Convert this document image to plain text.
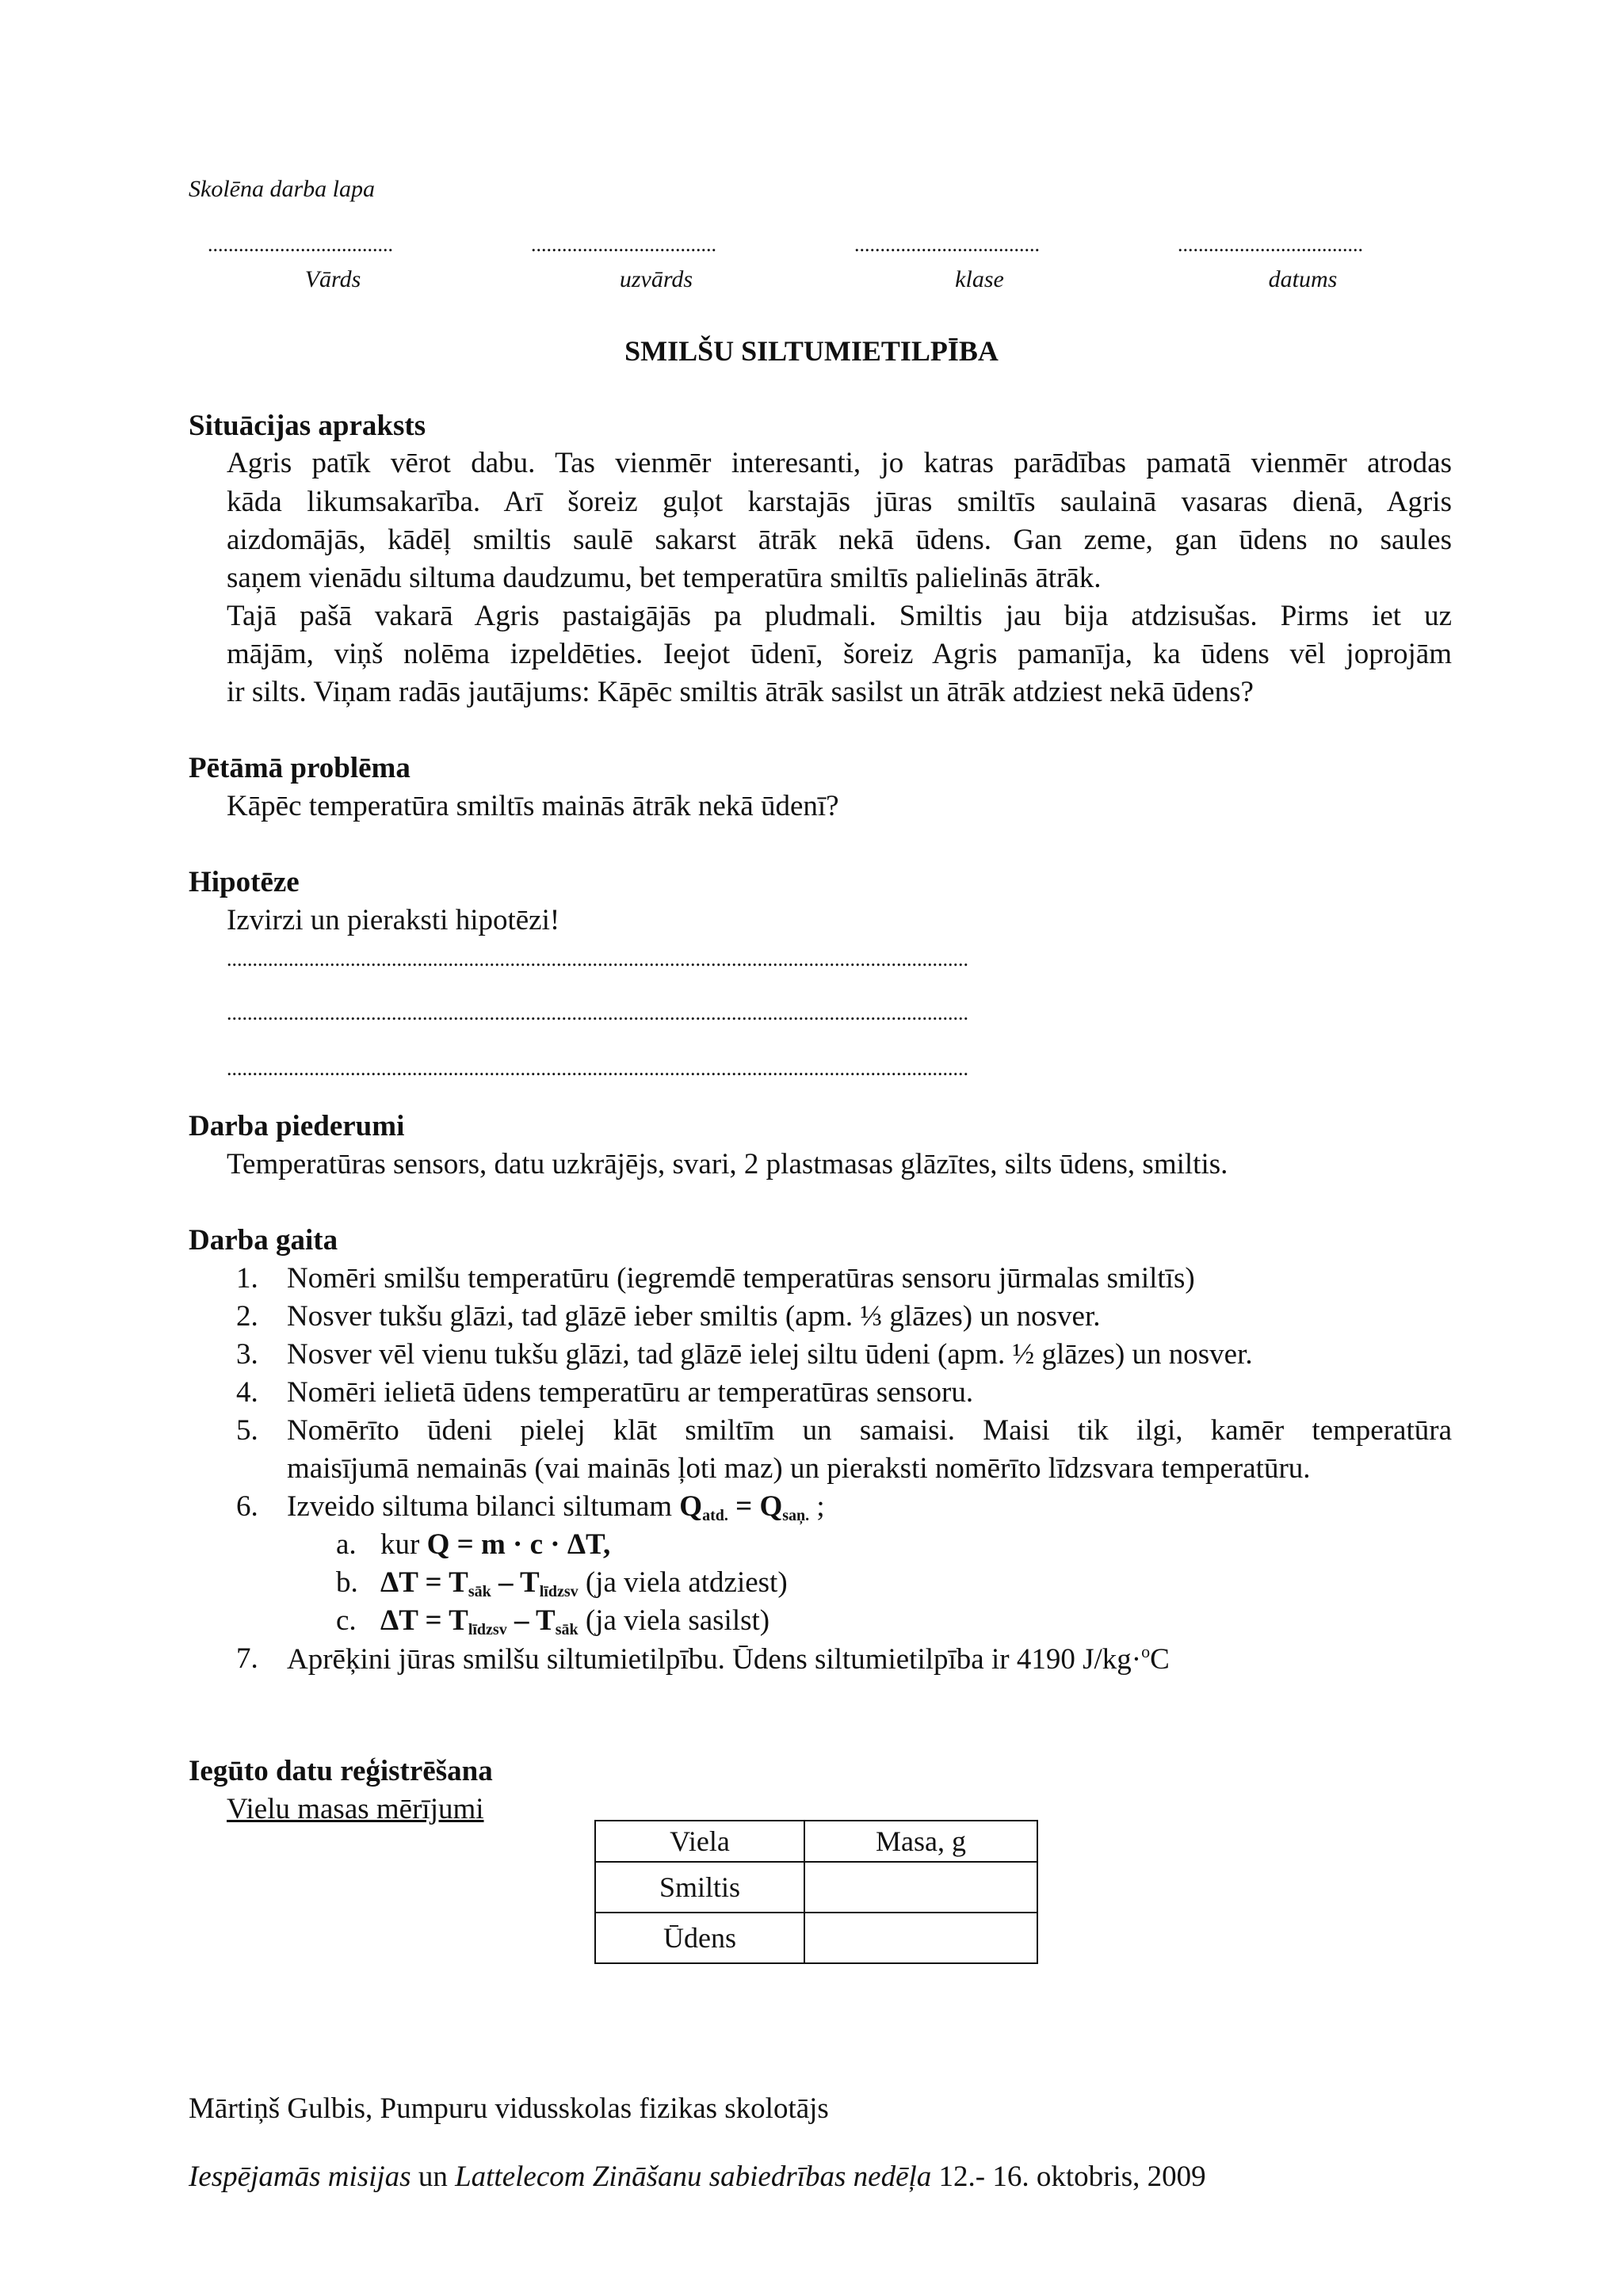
Skolēna darba lapa
....................................	....................................	....................................	....................................
Vārds	uzvārds	klase	datums
SMILŠU SILTUMIETILPĪBA
Situācijas apraksts
Agris patīk vērot dabu. Tas vienmēr interesanti, jo katras parādības pamatā vienmēr atrodas
kāda likumsakarība. Arī šoreiz guļot karstajās jūras smiltīs saulainā vasaras dienā, Agris
aizdomājās, kādēļ smiltis saulē sakarst ātrāk nekā ūdens. Gan zeme, gan ūdens no saules
saņem vienādu siltuma daudzumu, bet temperatūra smiltīs palielinās ātrāk.
Tajā pašā vakarā Agris pastaigājās pa pludmali. Smiltis jau bija atdzisušas. Pirms iet uz
mājām, viņš nolēma izpeldēties. Ieejot ūdenī, šoreiz Agris pamanīja, ka ūdens vēl joprojām
ir silts. Viņam radās jautājums: Kāpēc smiltis ātrāk sasilst un ātrāk atdziest nekā ūdens?
Pētāmā problēma
Kāpēc temperatūra smiltīs mainās ātrāk nekā ūdenī?
Hipotēze
Izvirzi un pieraksti hipotēzi!
................................................................................................................................................
................................................................................................................................................
................................................................................................................................................
Darba piederumi
Temperatūras sensors, datu uzkrājējs, svari, 2 plastmasas glāzītes, silts ūdens, smiltis.
Darba gaita
1. Nomēri smilšu temperatūru (iegremdē temperatūras sensoru jūrmalas smiltīs)
2. Nosver tukšu glāzi, tad glāzē ieber smiltis (apm. ⅓ glāzes) un nosver.
3. Nosver vēl vienu tukšu glāzi, tad glāzē ielej siltu ūdeni (apm. ½ glāzes) un nosver.
4. Nomēri ielietā ūdens temperatūru ar temperatūras sensoru.
5. Nomērīto ūdeni pielej klāt smiltīm un samaisi. Maisi tik ilgi, kamēr temperatūra
maisījumā nemainās (vai mainās ļoti maz) un pieraksti nomērīto līdzsvara temperatūru.
6. Izveido siltuma bilanci siltumam $Q_{atd.} = Q_{saņ.}$ ;
a. kur Q = m · c · ΔT,
b. $\Delta T = T_{sāk} - T_{līdzsv}$ (ja viela atdziest)
c. $\Delta T = T_{līdzsv} - T_{sāk}$ (ja viela sasilst)
7. Aprēķini jūras smilšu siltumietilpību. Ūdens siltumietilpība ir 4190 J/kg·$^o$C
Iegūto datu reģistrēšana
Vielu masas mērījumi
Viela	Masa, g
Smiltis	
Ūdens	
Mārtiņš Gulbis, Pumpuru vidusskolas fizikas skolotājs
Iespējamās misijas un Lattelecom Zināšanu sabiedrības nedēļa 12.- 16. oktobris, 2009
